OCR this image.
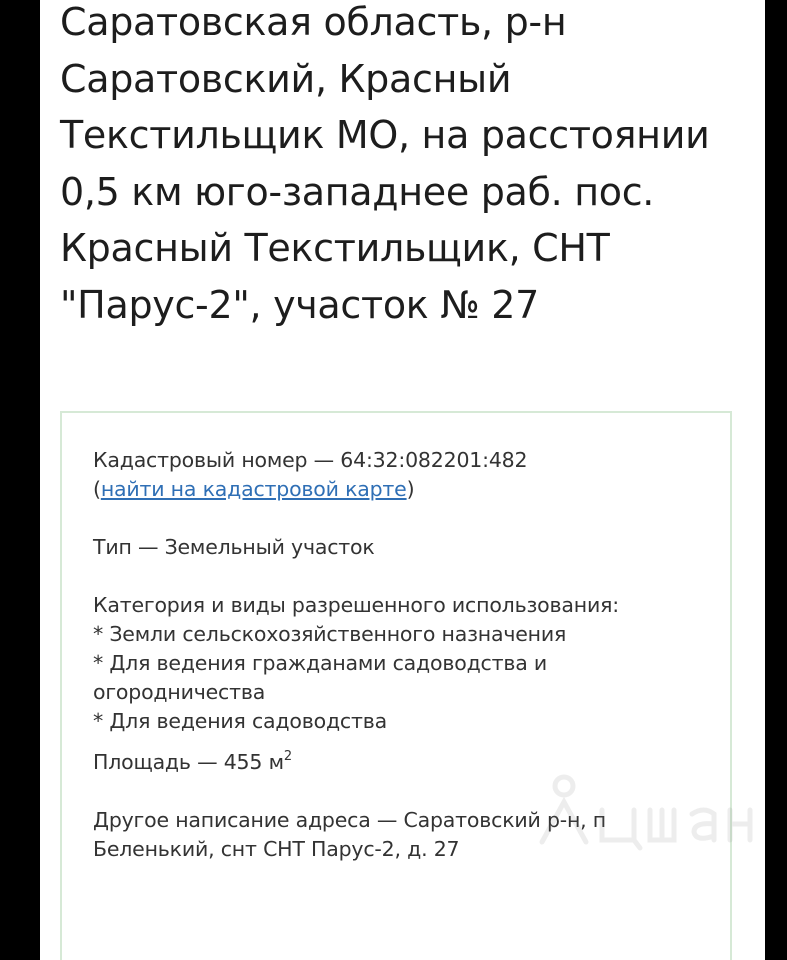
Саратовская область, р-н Саратовский, Красный Текстильщик МО, на расстоянии 0,5 км юго-западнее раб. пос. Красный Текстильщик, СНТ "Парус-2", участок № 27
Кадастровый номер — 64:32:082201:482
(найти на кадастровой карте)
Тип — Земельный участок
Категория и виды разрешенного использования:
* Земли сельскохозяйственного назначения
* Для ведения гражданами садоводства и огородничества
* Для ведения садоводства
Площадь — 455 $м^2$
Другое написание адреса — Саратовский р-н, п Беленький, снт СНТ Парус-2, д. 27
